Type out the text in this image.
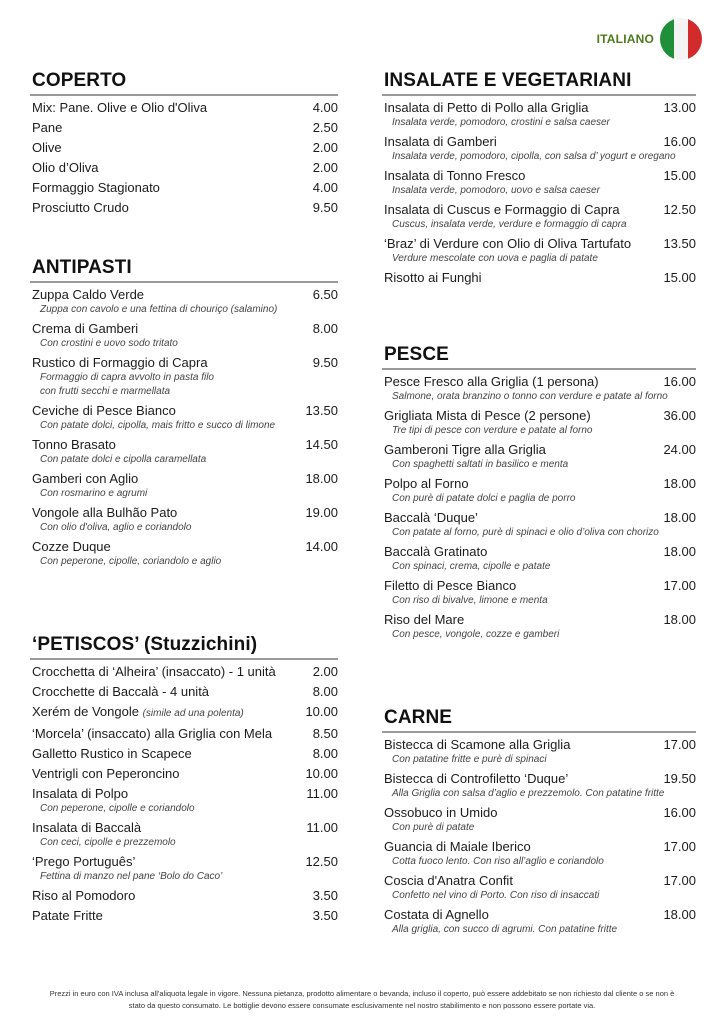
ITALIANO
COPERTO
Mix: Pane. Olive e Olio d'Oliva	4.00
Pane	2.50
Olive	2.00
Olio d’Oliva	2.00
Formaggio Stagionato	4.00
Prosciutto Crudo	9.50
ANTIPASTI
Zuppa Caldo Verde	6.50
Zuppa con cavolo e una fettina di chouriço (salamino)
Crema di Gamberi	8.00
Con crostini e uovo sodo tritato
Rustico di Formaggio di Capra	9.50
Formaggio di capra avvolto in pasta filo
con frutti secchi e marmellata
Ceviche di Pesce Bianco	13.50
Con patate dolci, cipolla, mais fritto e succo di limone
Tonno Brasato	14.50
Con patate dolci e cipolla caramellata
Gamberi con Aglio	18.00
Con rosmarino e agrumi
Vongole alla Bulhão Pato	19.00
Con olio d'oliva, aglio e coriandolo
Cozze Duque	14.00
Con peperone, cipolle, coriandolo e aglio
‘PETISCOS’ (Stuzzichini)
Crocchetta di ‘Alheira’ (insaccato) - 1 unità	2.00
Crocchette di Baccalà - 4 unità	8.00
Xerém de Vongole (simile ad una polenta)	10.00
‘Morcela’ (insaccato) alla Griglia con Mela	8.50
Galletto Rustico in Scapece	8.00
Ventrigli con Peperoncino	10.00
Insalata di Polpo	11.00
Con peperone, cipolle e coriandolo
Insalata di Baccalà	11.00
Con ceci, cipolle e prezzemolo
‘Prego Português’	12.50
Fettina di manzo nel pane ‘Bolo do Caco’
Riso al Pomodoro	3.50
Patate Fritte	3.50
INSALATE E VEGETARIANI
Insalata di Petto di Pollo alla Griglia	13.00
Insalata verde, pomodoro, crostini e salsa caeser
Insalata di Gamberi	16.00
Insalata verde, pomodoro, cipolla, con salsa d’ yogurt e oregano
Insalata di Tonno Fresco	15.00
Insalata verde, pomodoro, uovo e salsa caeser
Insalata di Cuscus e Formaggio di Capra	12.50
Cuscus, insalata verde, verdure e formaggio di capra
‘Braz’ di Verdure con Olio di Oliva Tartufato 13.50
Verdure mescolate con uova e paglia di patate
Risotto ai Funghi	15.00
PESCE
Pesce Fresco alla Griglia (1 persona)	16.00
Salmone, orata branzino o tonno con verdure e patate al forno
Grigliata Mista di Pesce (2 persone)	36.00
Tre tipi di pesce con verdure e patate al forno
Gamberoni Tigre alla Griglia	24.00
Con spaghetti saltati in basilico e menta
Polpo al Forno	18.00
Con purè di patate dolci e paglia de porro
Baccalà ‘Duque’	18.00
Con patate al forno, purè di spinaci e olio d’oliva con chorizo
Baccalà Gratinato	18.00
Con spinaci, crema, cipolle e patate
Filetto di Pesce Bianco	17.00
Con riso di bivalve, limone e menta
Riso del Mare	18.00
Con pesce, vongole, cozze e gamberi
CARNE
Bistecca di Scamone alla Griglia	17.00
Con patatine fritte e purè di spinaci
Bistecca di Controfiletto ‘Duque’	19.50
Alla Griglia con salsa d’aglio e prezzemolo. Con patatine fritte
Ossobuco in Umido	16.00
Con purè di patate
Guancia di Maiale Iberico	17.00
Cotta fuoco lento. Con riso all’aglio e coriandolo
Coscia d'Anatra Confit	17.00
Confetto nel vino di Porto. Con riso di insaccati
Costata di Agnello	18.00
Alla griglia, con succo di agrumi. Con patatine fritte
Prezzi in euro con IVA inclusa all'aliquota legale in vigore. Nessuna pietanza, prodotto alimentare o bevanda, incluso il coperto, può essere addebitato se non richiesto dal cliente o se non è
stato da questo consumato. Le bottiglie devono essere consumate esclusivamente nel nostro stabilimento e non possono essere portate via.
